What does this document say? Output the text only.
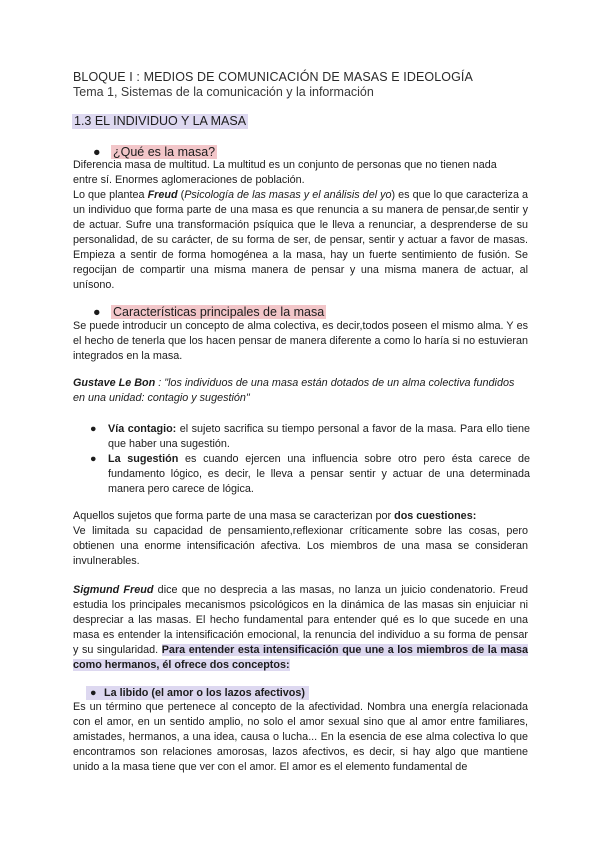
BLOQUE I : MEDIOS DE COMUNICACIÓN DE MASAS E IDEOLOGÍA
Tema 1, Sistemas de la comunicación y la información
1.3 EL INDIVIDUO Y LA MASA
● ¿Qué es la masa?
Diferencia masa de multitud. La multitud es un conjunto de personas que no tienen nada
entre sí. Enormes aglomeraciones de población.
Lo que plantea Freud (Psicología de las masas y el análisis del yo) es que lo que caracteriza a un individuo que forma parte de una masa es que renuncia a su manera de pensar,de sentir y de actuar. Sufre una transformación psíquica que le lleva a renunciar, a desprenderse de su personalidad, de su carácter, de su forma de ser, de pensar, sentir y actuar a favor de masas. Empieza a sentir de forma homogénea a la masa, hay un fuerte sentimiento de fusión. Se regocijan de compartir una misma manera de pensar y una misma manera de actuar, al unísono.
● Características principales de la masa
Se puede introducir un concepto de alma colectiva, es decir,todos poseen el mismo alma. Y es el hecho de tenerla que los hacen pensar de manera diferente a como lo haría si no estuvieran integrados en la masa.
Gustave Le Bon : "los individuos de una masa están dotados de un alma colectiva fundidos en una unidad: contagio y sugestión"
● Vía contagio: el sujeto sacrifica su tiempo personal a favor de la masa. Para ello tiene que haber una sugestión.
● La sugestión es cuando ejercen una influencia sobre otro pero ésta carece de fundamento lógico, es decir, le lleva a pensar sentir y actuar de una determinada manera pero carece de lógica.
Aquellos sujetos que forma parte de una masa se caracterizan por dos cuestiones:
Ve limitada su capacidad de pensamiento,reflexionar críticamente sobre las cosas, pero obtienen una enorme intensificación afectiva. Los miembros de una masa se consideran invulnerables.
Sigmund Freud dice que no desprecia a las masas, no lanza un juicio condenatorio. Freud estudia los principales mecanismos psicológicos en la dinámica de las masas sin enjuiciar ni despreciar a las masas. El hecho fundamental para entender qué es lo que sucede en una masa es entender la intensificación emocional, la renuncia del individuo a su forma de pensar y su singularidad. Para entender esta intensificación que une a los miembros de la masa como hermanos, él ofrece dos conceptos:
● La libido (el amor o los lazos afectivos)
Es un término que pertenece al concepto de la afectividad. Nombra una energía relacionada con el amor, en un sentido amplio, no solo el amor sexual sino que al amor entre familiares, amistades, hermanos, a una idea, causa o lucha... En la esencia de ese alma colectiva lo que encontramos son relaciones amorosas, lazos afectivos, es decir, si hay algo que mantiene unido a la masa tiene que ver con el amor. El amor es el elemento fundamental de
